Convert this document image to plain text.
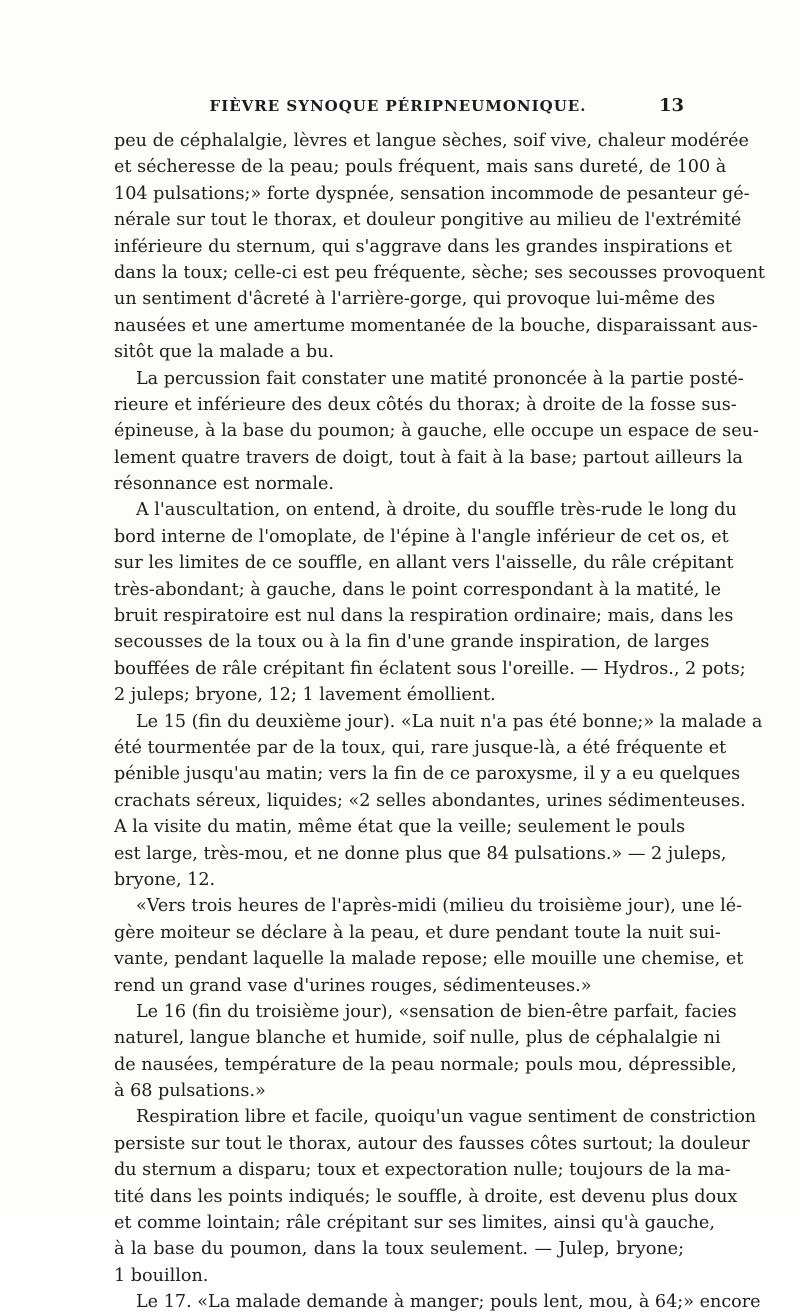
FIÈVRE SYNOQUE PÉRIPNEUMONIQUE.	13
peu de céphalalgie, lèvres et langue sèches, soif vive, chaleur modérée
et sécheresse de la peau; pouls fréquent, mais sans dureté, de 100 à
104 pulsations;» forte dyspnée, sensation incommode de pesanteur gé-
nérale sur tout le thorax, et douleur pongitive au milieu de l'extrémité
inférieure du sternum, qui s'aggrave dans les grandes inspirations et
dans la toux; celle-ci est peu fréquente, sèche; ses secousses provoquent
un sentiment d'âcreté à l'arrière-gorge, qui provoque lui-même des
nausées et une amertume momentanée de la bouche, disparaissant aus-
sitôt que la malade a bu.
La percussion fait constater une matité prononcée à la partie posté-
rieure et inférieure des deux côtés du thorax; à droite de la fosse sus-
épineuse, à la base du poumon; à gauche, elle occupe un espace de seu-
lement quatre travers de doigt, tout à fait à la base; partout ailleurs la
résonnance est normale.
A l'auscultation, on entend, à droite, du souffle très-rude le long du
bord interne de l'omoplate, de l'épine à l'angle inférieur de cet os, et
sur les limites de ce souffle, en allant vers l'aisselle, du râle crépitant
très-abondant; à gauche, dans le point correspondant à la matité, le
bruit respiratoire est nul dans la respiration ordinaire; mais, dans les
secousses de la toux ou à la fin d'une grande inspiration, de larges
bouffées de râle crépitant fin éclatent sous l'oreille. — Hydros., 2 pots;
2 juleps; bryone, 12; 1 lavement émollient.
Le 15 (fin du deuxième jour). «La nuit n'a pas été bonne;» la malade a
été tourmentée par de la toux, qui, rare jusque-là, a été fréquente et
pénible jusqu'au matin; vers la fin de ce paroxysme, il y a eu quelques
crachats séreux, liquides; «2 selles abondantes, urines sédimenteuses.
A la visite du matin, même état que la veille; seulement le pouls
est large, très-mou, et ne donne plus que 84 pulsations.» — 2 juleps,
bryone, 12.
«Vers trois heures de l'après-midi (milieu du troisième jour), une lé-
gère moiteur se déclare à la peau, et dure pendant toute la nuit sui-
vante, pendant laquelle la malade repose; elle mouille une chemise, et
rend un grand vase d'urines rouges, sédimenteuses.»
Le 16 (fin du troisième jour), «sensation de bien-être parfait, facies
naturel, langue blanche et humide, soif nulle, plus de céphalalgie ni
de nausées, température de la peau normale; pouls mou, dépressible,
à 68 pulsations.»
Respiration libre et facile, quoiqu'un vague sentiment de constriction
persiste sur tout le thorax, autour des fausses côtes surtout; la douleur
du sternum a disparu; toux et expectoration nulle; toujours de la ma-
tité dans les points indiqués; le souffle, à droite, est devenu plus doux
et comme lointain; râle crépitant sur ses limites, ainsi qu'à gauche,
à la base du poumon, dans la toux seulement. — Julep, bryone;
1 bouillon.
Le 17. «La malade demande à manger; pouls lent, mou, à 64;» encore
